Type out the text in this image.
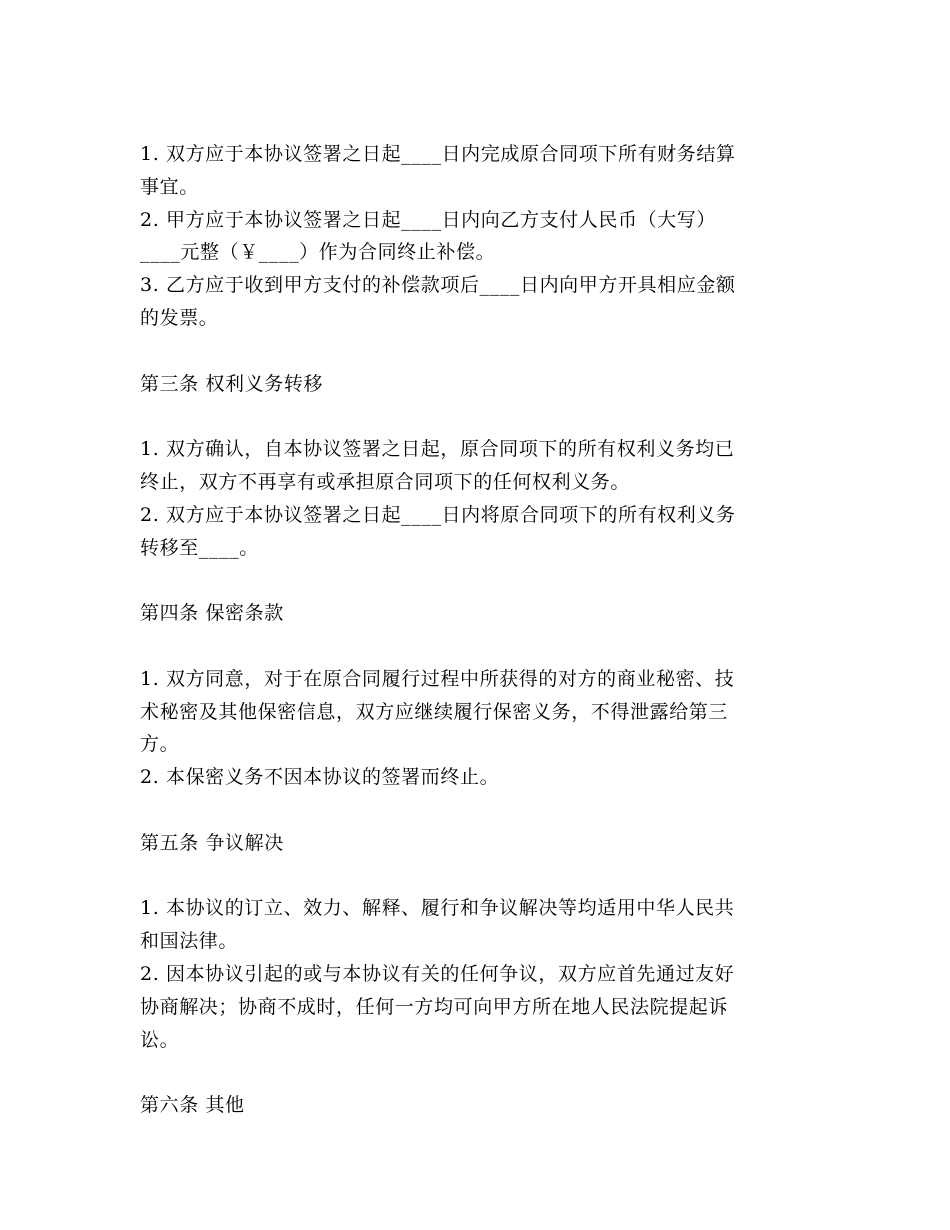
1. 双方应于本协议签署之日起____日内完成原合同项下所有财务结算
事宜。
2. 甲方应于本协议签署之日起____日内向乙方支付人民币（大写）
____元整（￥____）作为合同终止补偿。
3. 乙方应于收到甲方支付的补偿款项后____日内向甲方开具相应金额
的发票。
第三条 权利义务转移
1. 双方确认，自本协议签署之日起，原合同项下的所有权利义务均已
终止，双方不再享有或承担原合同项下的任何权利义务。
2. 双方应于本协议签署之日起____日内将原合同项下的所有权利义务
转移至____。
第四条 保密条款
1. 双方同意，对于在原合同履行过程中所获得的对方的商业秘密、技
术秘密及其他保密信息，双方应继续履行保密义务，不得泄露给第三
方。
2. 本保密义务不因本协议的签署而终止。
第五条 争议解决
1. 本协议的订立、效力、解释、履行和争议解决等均适用中华人民共
和国法律。
2. 因本协议引起的或与本协议有关的任何争议，双方应首先通过友好
协商解决；协商不成时，任何一方均可向甲方所在地人民法院提起诉
讼。
第六条 其他
